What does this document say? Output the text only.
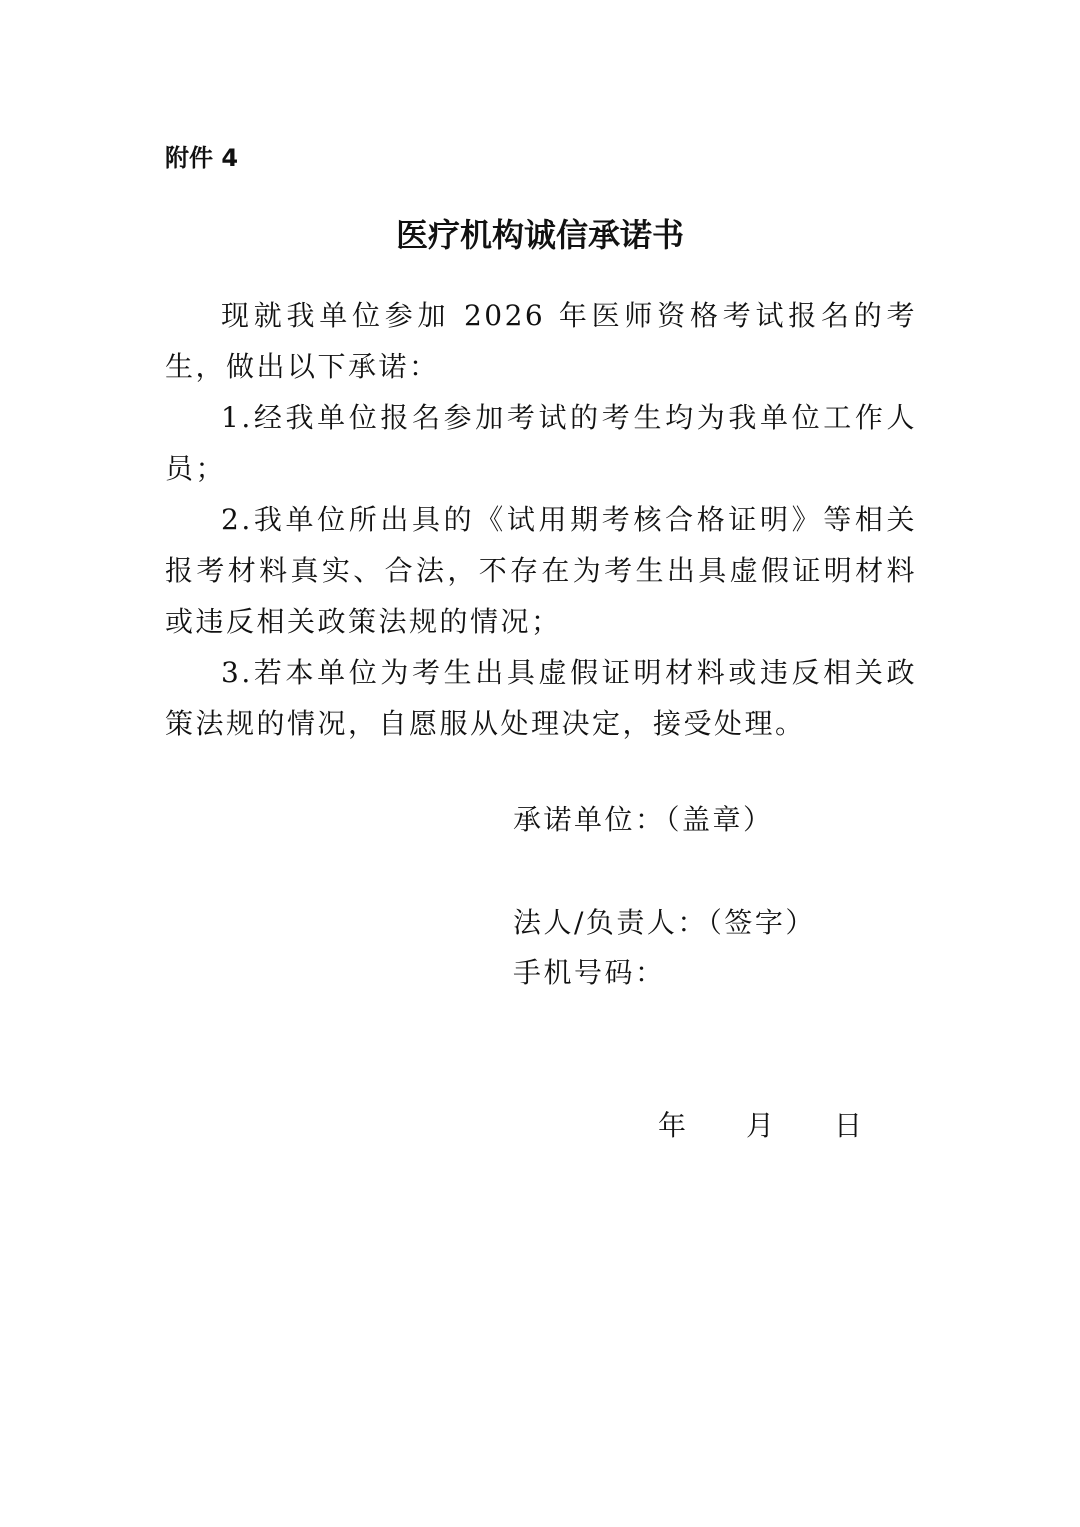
附件 4
医疗机构诚信承诺书

现就我单位参加 2026 年医师资格考试报名的考生，做出以下承诺：

1.经我单位报名参加考试的考生均为我单位工作人员；

2.我单位所出具的《试用期考核合格证明》等相关报考材料真实、合法，不存在为考生出具虚假证明材料或违反相关政策法规的情况；

3.若本单位为考生出具虚假证明材料或违反相关政策法规的情况，自愿服从处理决定，接受处理。

承诺单位：（盖章）
法人/负责人：（签字）
手机号码：
年 月 日
